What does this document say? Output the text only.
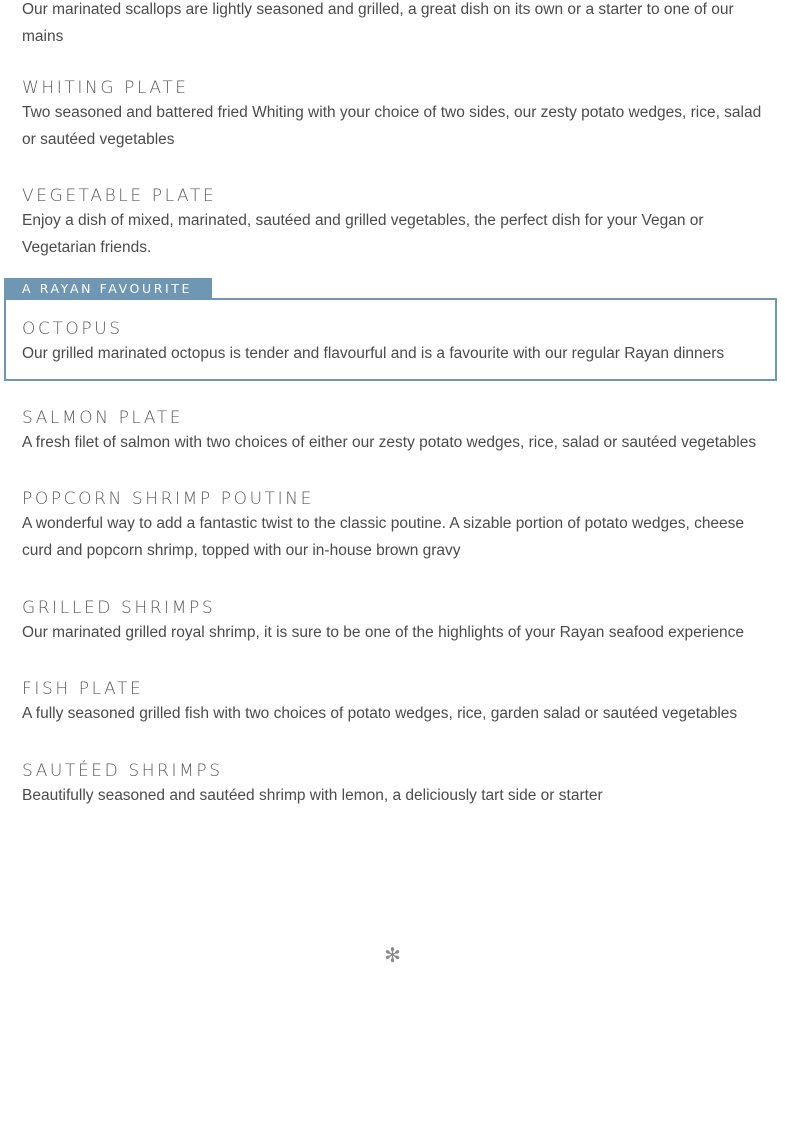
Our marinated scallops are lightly seasoned and grilled, a great dish on its own or a starter to one of our mains

WHITING PLATE

Two seasoned and battered fried Whiting with your choice of two sides, our zesty potato wedges, rice, salad or sautéed vegetables

VEGETABLE PLATE

Enjoy a dish of mixed, marinated, sautéed and grilled vegetables, the perfect dish for your Vegan or Vegetarian friends.

A RAYAN FAVOURITE
OCTOPUS

Our grilled marinated octopus is tender and flavourful and is a favourite with our regular Rayan dinners

SALMON PLATE

A fresh filet of salmon with two choices of either our zesty potato wedges, rice, salad or sautéed vegetables

POPCORN SHRIMP POUTINE

A wonderful way to add a fantastic twist to the classic poutine. A sizable portion of potato wedges, cheese curd and popcorn shrimp, topped with our in-house brown gravy

GRILLED SHRIMPS

Our marinated grilled royal shrimp, it is sure to be one of the highlights of your Rayan seafood experience

FISH PLATE

A fully seasoned grilled fish with two choices of potato wedges, rice, garden salad or sautéed vegetables

SAUTÉED SHRIMPS

Beautifully seasoned and sautéed shrimp with lemon, a deliciously tart side or starter

✻
